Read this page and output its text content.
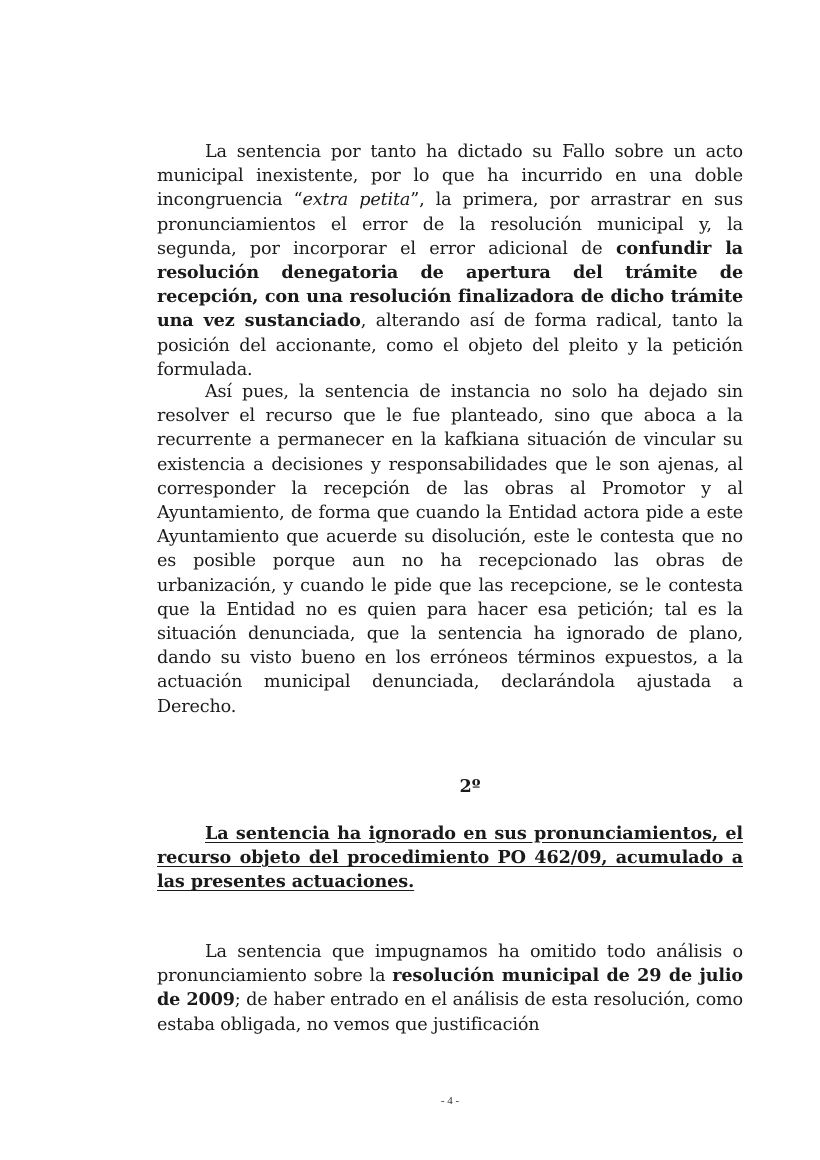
La sentencia por tanto ha dictado su Fallo sobre un acto municipal inexistente, por lo que ha incurrido en una doble incongruencia “extra petita”, la primera, por arrastrar en sus pronunciamientos el error de la resolución municipal y, la segunda, por incorporar el error adicional de confundir la resolución denegatoria de apertura del trámite de recepción, con una resolución finalizadora de dicho trámite una vez sustanciado, alterando así de forma radical, tanto la posición del accionante, como el objeto del pleito y la petición formulada.

Así pues, la sentencia de instancia no solo ha dejado sin resolver el recurso que le fue planteado, sino que aboca a la recurrente a permanecer en la kafkiana situación de vincular su existencia a decisiones y responsabilidades que le son ajenas, al corresponder la recepción de las obras al Promotor y al Ayuntamiento, de forma que cuando la Entidad actora pide a este Ayuntamiento que acuerde su disolución, este le contesta que no es posible porque aun no ha recepcionado las obras de urbanización, y cuando le pide que las recepcione, se le contesta que la Entidad no es quien para hacer esa petición; tal es la situación denunciada, que la sentencia ha ignorado de plano, dando su visto bueno en los erróneos términos expuestos, a la actuación municipal denunciada, declarándola ajustada a Derecho.

2º

La sentencia ha ignorado en sus pronunciamientos, el recurso objeto del procedimiento PO 462/09, acumulado a las presentes actuaciones.

La sentencia que impugnamos ha omitido todo análisis o pronunciamiento sobre la resolución municipal de 29 de julio de 2009; de haber entrado en el análisis de esta resolución, como estaba obligada, no vemos que justificación

- 4 -
